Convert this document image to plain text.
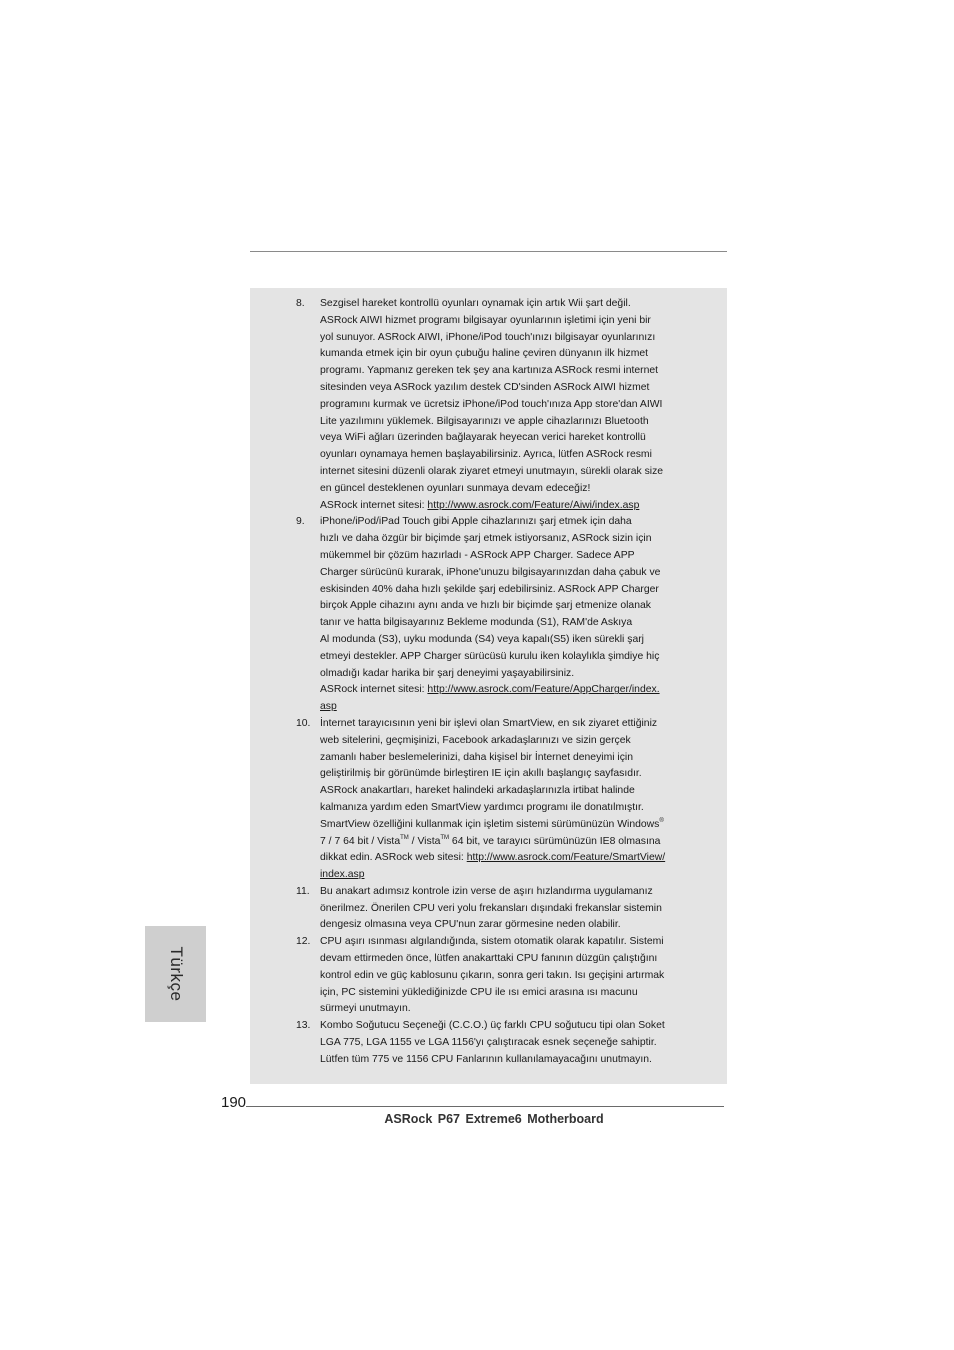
8. Sezgisel hareket kontrollü oyunları oynamak için artık Wii şart değil.
ASRock AIWI hizmet programı bilgisayar oyunlarının işletimi için yeni bir
yol sunuyor. ASRock AIWI, iPhone/iPod touch'ınızı bilgisayar oyunlarınızı
kumanda etmek için bir oyun çubuğu haline çeviren dünyanın ilk hizmet
programı. Yapmanız gereken tek şey ana kartınıza ASRock resmi internet
sitesinden veya ASRock yazılım destek CD'sinden ASRock AIWI hizmet
programını kurmak ve ücretsiz iPhone/iPod touch'ınıza App store'dan AIWI
Lite yazılımını yüklemek. Bilgisayarınızı ve apple cihazlarınızı Bluetooth
veya WiFi ağları üzerinden bağlayarak heyecan verici hareket kontrollü
oyunları oynamaya hemen başlayabilirsiniz. Ayrıca, lütfen ASRock resmi
internet sitesini düzenli olarak ziyaret etmeyi unutmayın, sürekli olarak size
en güncel desteklenen oyunları sunmaya devam edeceğiz!
ASRock internet sitesi: http://www.asrock.com/Feature/Aiwi/index.asp
9. iPhone/iPod/iPad Touch gibi Apple cihazlarınızı şarj etmek için daha
hızlı ve daha özgür bir biçimde şarj etmek istiyorsanız, ASRock sizin için
mükemmel bir çözüm hazırladı - ASRock APP Charger. Sadece APP
Charger sürücünü kurarak, iPhone'unuzu bilgisayarınızdan daha çabuk ve
eskisinden 40% daha hızlı şekilde şarj edebilirsiniz. ASRock APP Charger
birçok Apple cihazını aynı anda ve hızlı bir biçimde şarj etmenize olanak
tanır ve hatta bilgisayarınız Bekleme modunda (S1), RAM'de Askıya
Al modunda (S3), uyku modunda (S4) veya kapalı(S5) iken sürekli şarj
etmeyi destekler. APP Charger sürücüsü kurulu iken kolaylıkla şimdiye hiç
olmadığı kadar harika bir şarj deneyimi yaşayabilirsiniz.
ASRock internet sitesi: http://www.asrock.com/Feature/AppCharger/index.
asp
10. İnternet tarayıcısının yeni bir işlevi olan SmartView, en sık ziyaret ettiğiniz
web sitelerini, geçmişinizi, Facebook arkadaşlarınızı ve sizin gerçek
zamanlı haber beslemelerinizi, daha kişisel bir İnternet deneyimi için
geliştirilmiş bir görünümde birleştiren IE için akıllı başlangıç sayfasıdır.
ASRock anakartları, hareket halindeki arkadaşlarınızla irtibat halinde
kalmanıza yardım eden SmartView yardımcı programı ile donatılmıştır.
SmartView özelliğini kullanmak için işletim sistemi sürümünüzün Windows®
7 / 7 64 bit / Vista™ / Vista™ 64 bit, ve tarayıcı sürümünüzün IE8 olmasına
dikkat edin. ASRock web sitesi: http://www.asrock.com/Feature/SmartView/
index.asp
11. Bu anakart adımsız kontrole izin verse de aşırı hızlandırma uygulamanız
önerilmez. Önerilen CPU veri yolu frekansları dışındaki frekanslar sistemin
dengesiz olmasına veya CPU'nun zarar görmesine neden olabilir.
12. CPU aşırı ısınması algılandığında, sistem otomatik olarak kapatılır. Sistemi
devam ettirmeden önce, lütfen anakarttaki CPU fanının düzgün çalıştığını
kontrol edin ve güç kablosunu çıkarın, sonra geri takın. Isı geçişini artırmak
için, PC sistemini yüklediğinizde CPU ile ısı emici arasına ısı macunu
sürmeyi unutmayın.
13. Kombo Soğutucu Seçeneği (C.C.O.) üç farklı CPU soğutucu tipi olan Soket
LGA 775, LGA 1155 ve LGA 1156'yı çalıştıracak esnek seçeneğe sahiptir.
Lütfen tüm 775 ve 1156 CPU Fanlarının kullanılamayacağını unutmayın.
Türkçe
190
ASRock P67 Extreme6 Motherboard
